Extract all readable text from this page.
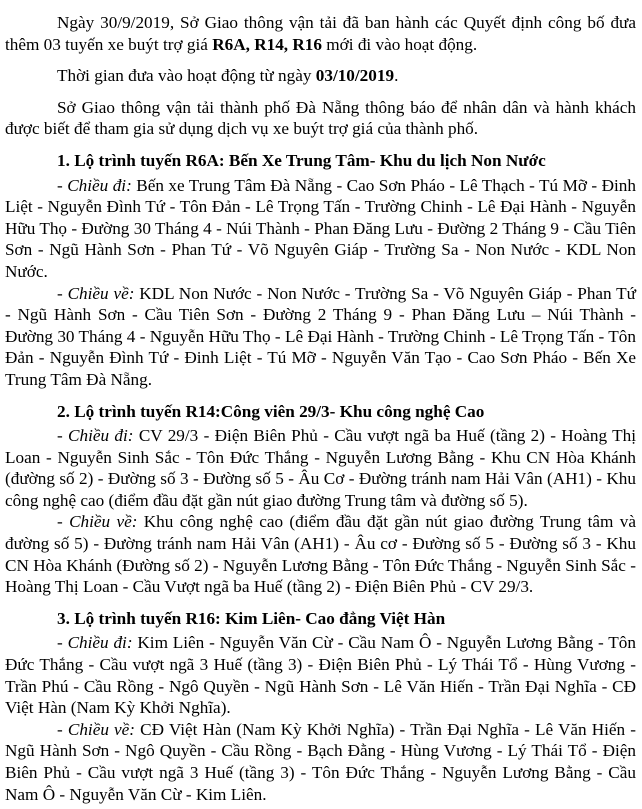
Ngày 30/9/2019, Sở Giao thông vận tải đã ban hành các Quyết định công bố đưa thêm 03 tuyến xe buýt trợ giá R6A, R14, R16 mới đi vào hoạt động.

Thời gian đưa vào hoạt động từ ngày 03/10/2019.

Sở Giao thông vận tải thành phố Đà Nẵng thông báo để nhân dân và hành khách được biết để tham gia sử dụng dịch vụ xe buýt trợ giá của thành phố.

1. Lộ trình tuyến R6A: Bến Xe Trung Tâm- Khu du lịch Non Nước

- Chiều đi: Bến xe Trung Tâm Đà Nẵng - Cao Sơn Pháo - Lê Thạch - Tú Mỡ - Đinh Liệt - Nguyễn Đình Tứ - Tôn Đản - Lê Trọng Tấn - Trường Chinh - Lê Đại Hành - Nguyễn Hữu Thọ - Đường 30 Tháng 4 - Núi Thành - Phan Đăng Lưu - Đường 2 Tháng 9 - Cầu Tiên Sơn - Ngũ Hành Sơn - Phan Tứ - Võ Nguyên Giáp - Trường Sa - Non Nước - KDL Non Nước.

- Chiều về: KDL Non Nước - Non Nước - Trường Sa - Võ Nguyên Giáp - Phan Tứ - Ngũ Hành Sơn - Cầu Tiên Sơn - Đường 2 Tháng 9 - Phan Đăng Lưu – Núi Thành - Đường 30 Tháng 4 - Nguyễn Hữu Thọ - Lê Đại Hành - Trường Chinh - Lê Trọng Tấn - Tôn Đản - Nguyễn Đình Tứ - Đinh Liệt - Tú Mỡ - Nguyễn Văn Tạo - Cao Sơn Pháo - Bến Xe Trung Tâm Đà Nẵng.

2. Lộ trình tuyến R14:Công viên 29/3- Khu công nghệ Cao

- Chiều đi: CV 29/3 - Điện Biên Phủ - Cầu vượt ngã ba Huế (tầng 2) - Hoàng Thị Loan - Nguyễn Sinh Sắc - Tôn Đức Thắng - Nguyễn Lương Bằng - Khu CN Hòa Khánh (đường số 2) - Đường số 3 - Đường số 5 - Âu Cơ - Đường tránh nam Hải Vân (AH1) - Khu công nghệ cao (điểm đầu đặt gần nút giao đường Trung tâm và đường số 5).

- Chiều về: Khu công nghệ cao (điểm đầu đặt gần nút giao đường Trung tâm và đường số 5) - Đường tránh nam Hải Vân (AH1) - Âu cơ - Đường số 5 - Đường số 3 - Khu CN Hòa Khánh (Đường số 2) - Nguyễn Lương Bằng - Tôn Đức Thắng - Nguyễn Sinh Sắc - Hoàng Thị Loan - Cầu Vượt ngã ba Huế (tầng 2) - Điện Biên Phủ - CV 29/3.

3. Lộ trình tuyến R16: Kim Liên- Cao đẳng Việt Hàn

- Chiều đi: Kim Liên - Nguyễn Văn Cừ - Cầu Nam Ô - Nguyễn Lương Bằng - Tôn Đức Thắng - Cầu vượt ngã 3 Huế (tầng 3) - Điện Biên Phủ - Lý Thái Tổ - Hùng Vương - Trần Phú - Cầu Rồng - Ngô Quyền - Ngũ Hành Sơn - Lê Văn Hiến - Trần Đại Nghĩa - CĐ Việt Hàn (Nam Kỳ Khởi Nghĩa).

- Chiều về: CĐ Việt Hàn (Nam Kỳ Khởi Nghĩa) - Trần Đại Nghĩa - Lê Văn Hiến - Ngũ Hành Sơn - Ngô Quyền - Cầu Rồng - Bạch Đằng - Hùng Vương - Lý Thái Tổ - Điện Biên Phủ - Cầu vượt ngã 3 Huế (tầng 3) - Tôn Đức Thắng - Nguyễn Lương Bằng - Cầu Nam Ô - Nguyễn Văn Cừ - Kim Liên.
